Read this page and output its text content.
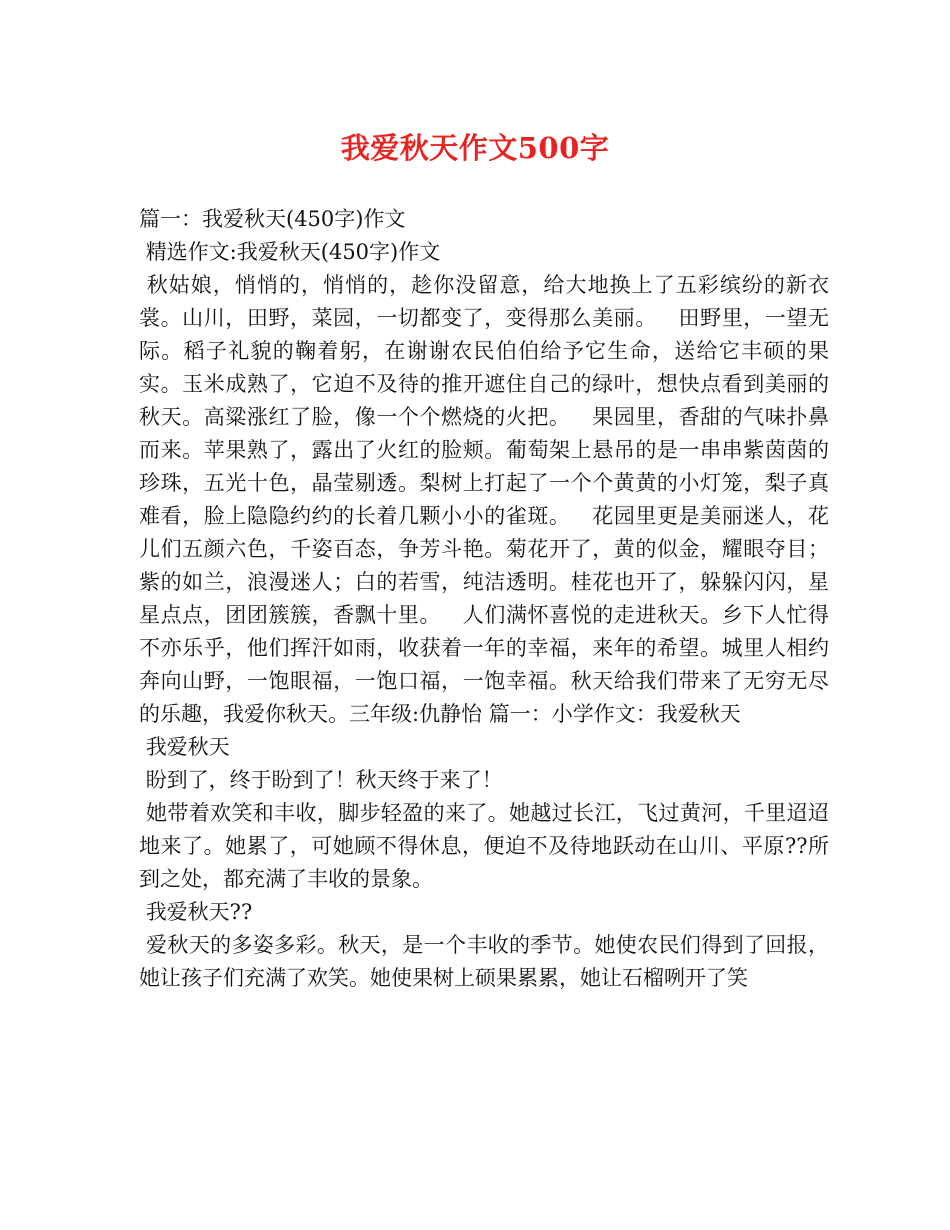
我爱秋天作文500字

篇一：我爱秋天(450字)作文

精选作文:我爱秋天(450字)作文

秋姑娘，悄悄的，悄悄的，趁你没留意，给大地换上了五彩缤纷的新衣裳。山川，田野，菜园，一切都变了，变得那么美丽。   田野里，一望无际。稻子礼貌的鞠着躬，在谢谢农民伯伯给予它生命，送给它丰硕的果实。玉米成熟了，它迫不及待的推开遮住自己的绿叶，想快点看到美丽的秋天。高粱涨红了脸，像一个个燃烧的火把。   果园里，香甜的气味扑鼻而来。苹果熟了，露出了火红的脸颊。葡萄架上悬吊的是一串串紫茵茵的珍珠，五光十色，晶莹剔透。梨树上打起了一个个黄黄的小灯笼，梨子真难看，脸上隐隐约约的长着几颗小小的雀斑。   花园里更是美丽迷人，花儿们五颜六色，千姿百态，争芳斗艳。菊花开了，黄的似金，耀眼夺目；紫的如兰，浪漫迷人；白的若雪，纯洁透明。桂花也开了，躲躲闪闪，星星点点，团团簇簇，香飘十里。   人们满怀喜悦的走进秋天。乡下人忙得不亦乐乎，他们挥汗如雨，收获着一年的幸福，来年的希望。城里人相约奔向山野，一饱眼福，一饱口福，一饱幸福。秋天给我们带来了无穷无尽的乐趣，我爱你秋天。三年级:仇静怡 篇一：小学作文：我爱秋天

我爱秋天

盼到了，终于盼到了！秋天终于来了！

她带着欢笑和丰收，脚步轻盈的来了。她越过长江，飞过黄河，千里迢迢地来了。她累了，可她顾不得休息，便迫不及待地跃动在山川、平原??所到之处，都充满了丰收的景象。

我爱秋天??

爱秋天的多姿多彩。秋天，是一个丰收的季节。她使农民们得到了回报，她让孩子们充满了欢笑。她使果树上硕果累累，她让石榴咧开了笑
